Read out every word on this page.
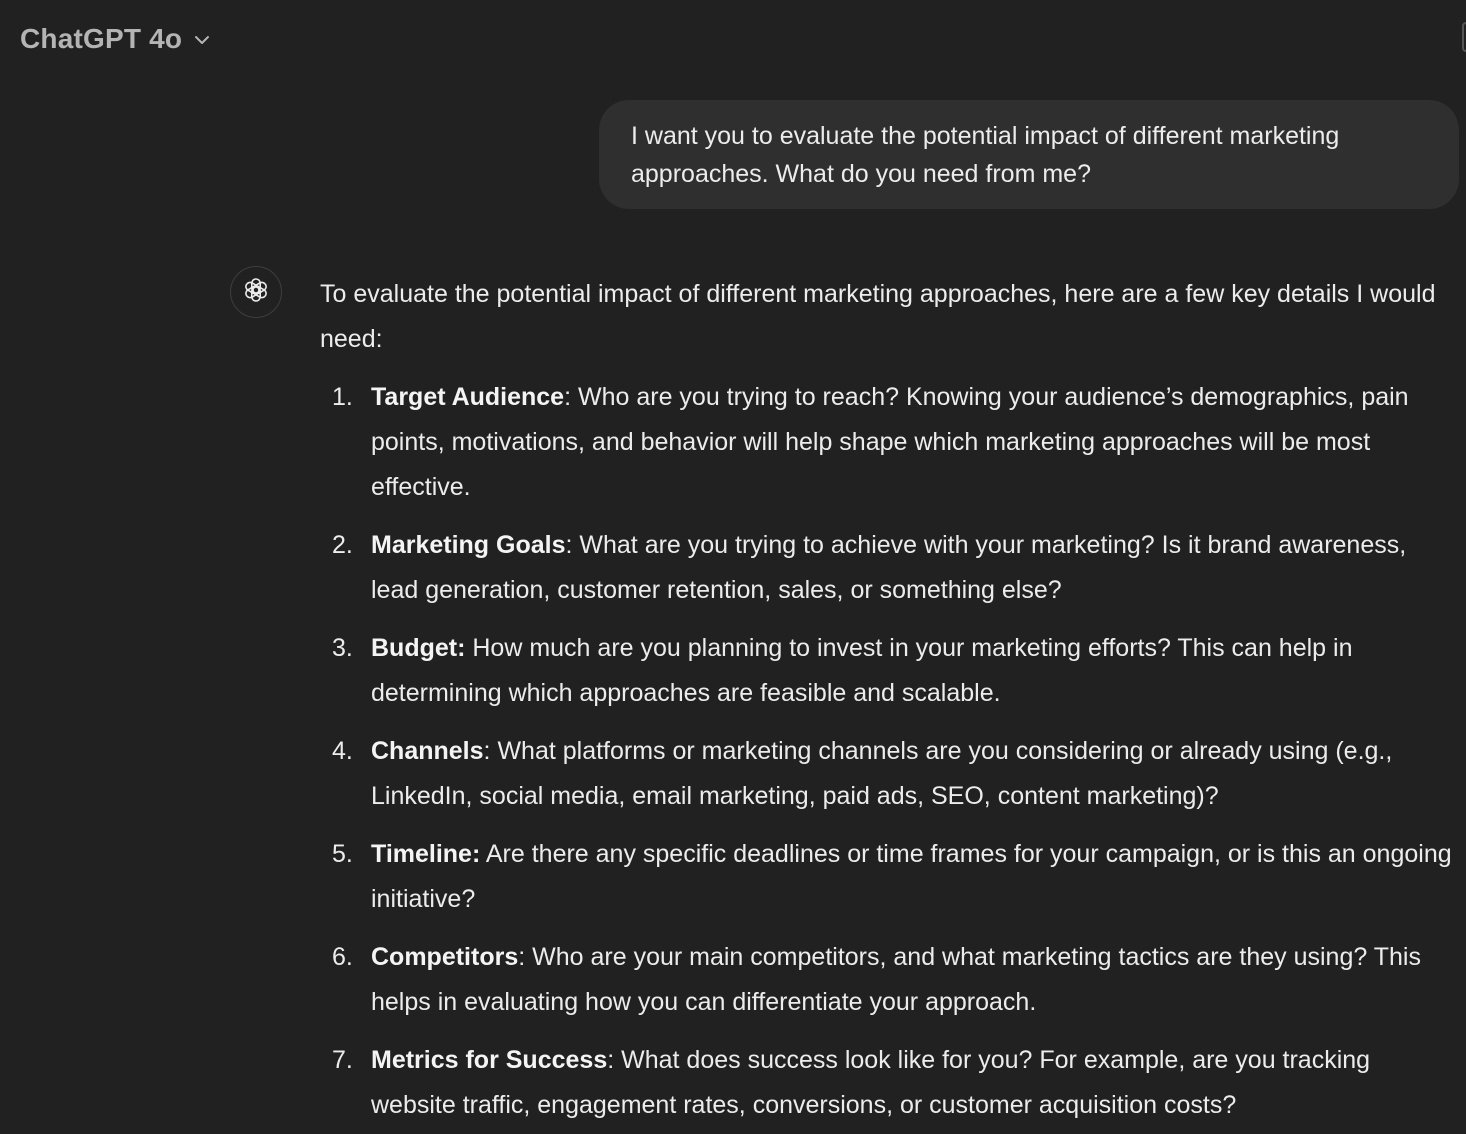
ChatGPT 4o
I want you to evaluate the potential impact of different marketing approaches. What do you need from me?

To evaluate the potential impact of different marketing approaches, here are a few key details I would need:

1. Target Audience: Who are you trying to reach? Knowing your audience’s demographics, pain points, motivations, and behavior will help shape which marketing approaches will be most effective.
2. Marketing Goals: What are you trying to achieve with your marketing? Is it brand awareness, lead generation, customer retention, sales, or something else?
3. Budget: How much are you planning to invest in your marketing efforts? This can help in determining which approaches are feasible and scalable.
4. Channels: What platforms or marketing channels are you considering or already using (e.g., LinkedIn, social media, email marketing, paid ads, SEO, content marketing)?
5. Timeline: Are there any specific deadlines or time frames for your campaign, or is this an ongoing initiative?
6. Competitors: Who are your main competitors, and what marketing tactics are they using? This helps in evaluating how you can differentiate your approach.
7. Metrics for Success: What does success look like for you? For example, are you tracking website traffic, engagement rates, conversions, or customer acquisition costs?
